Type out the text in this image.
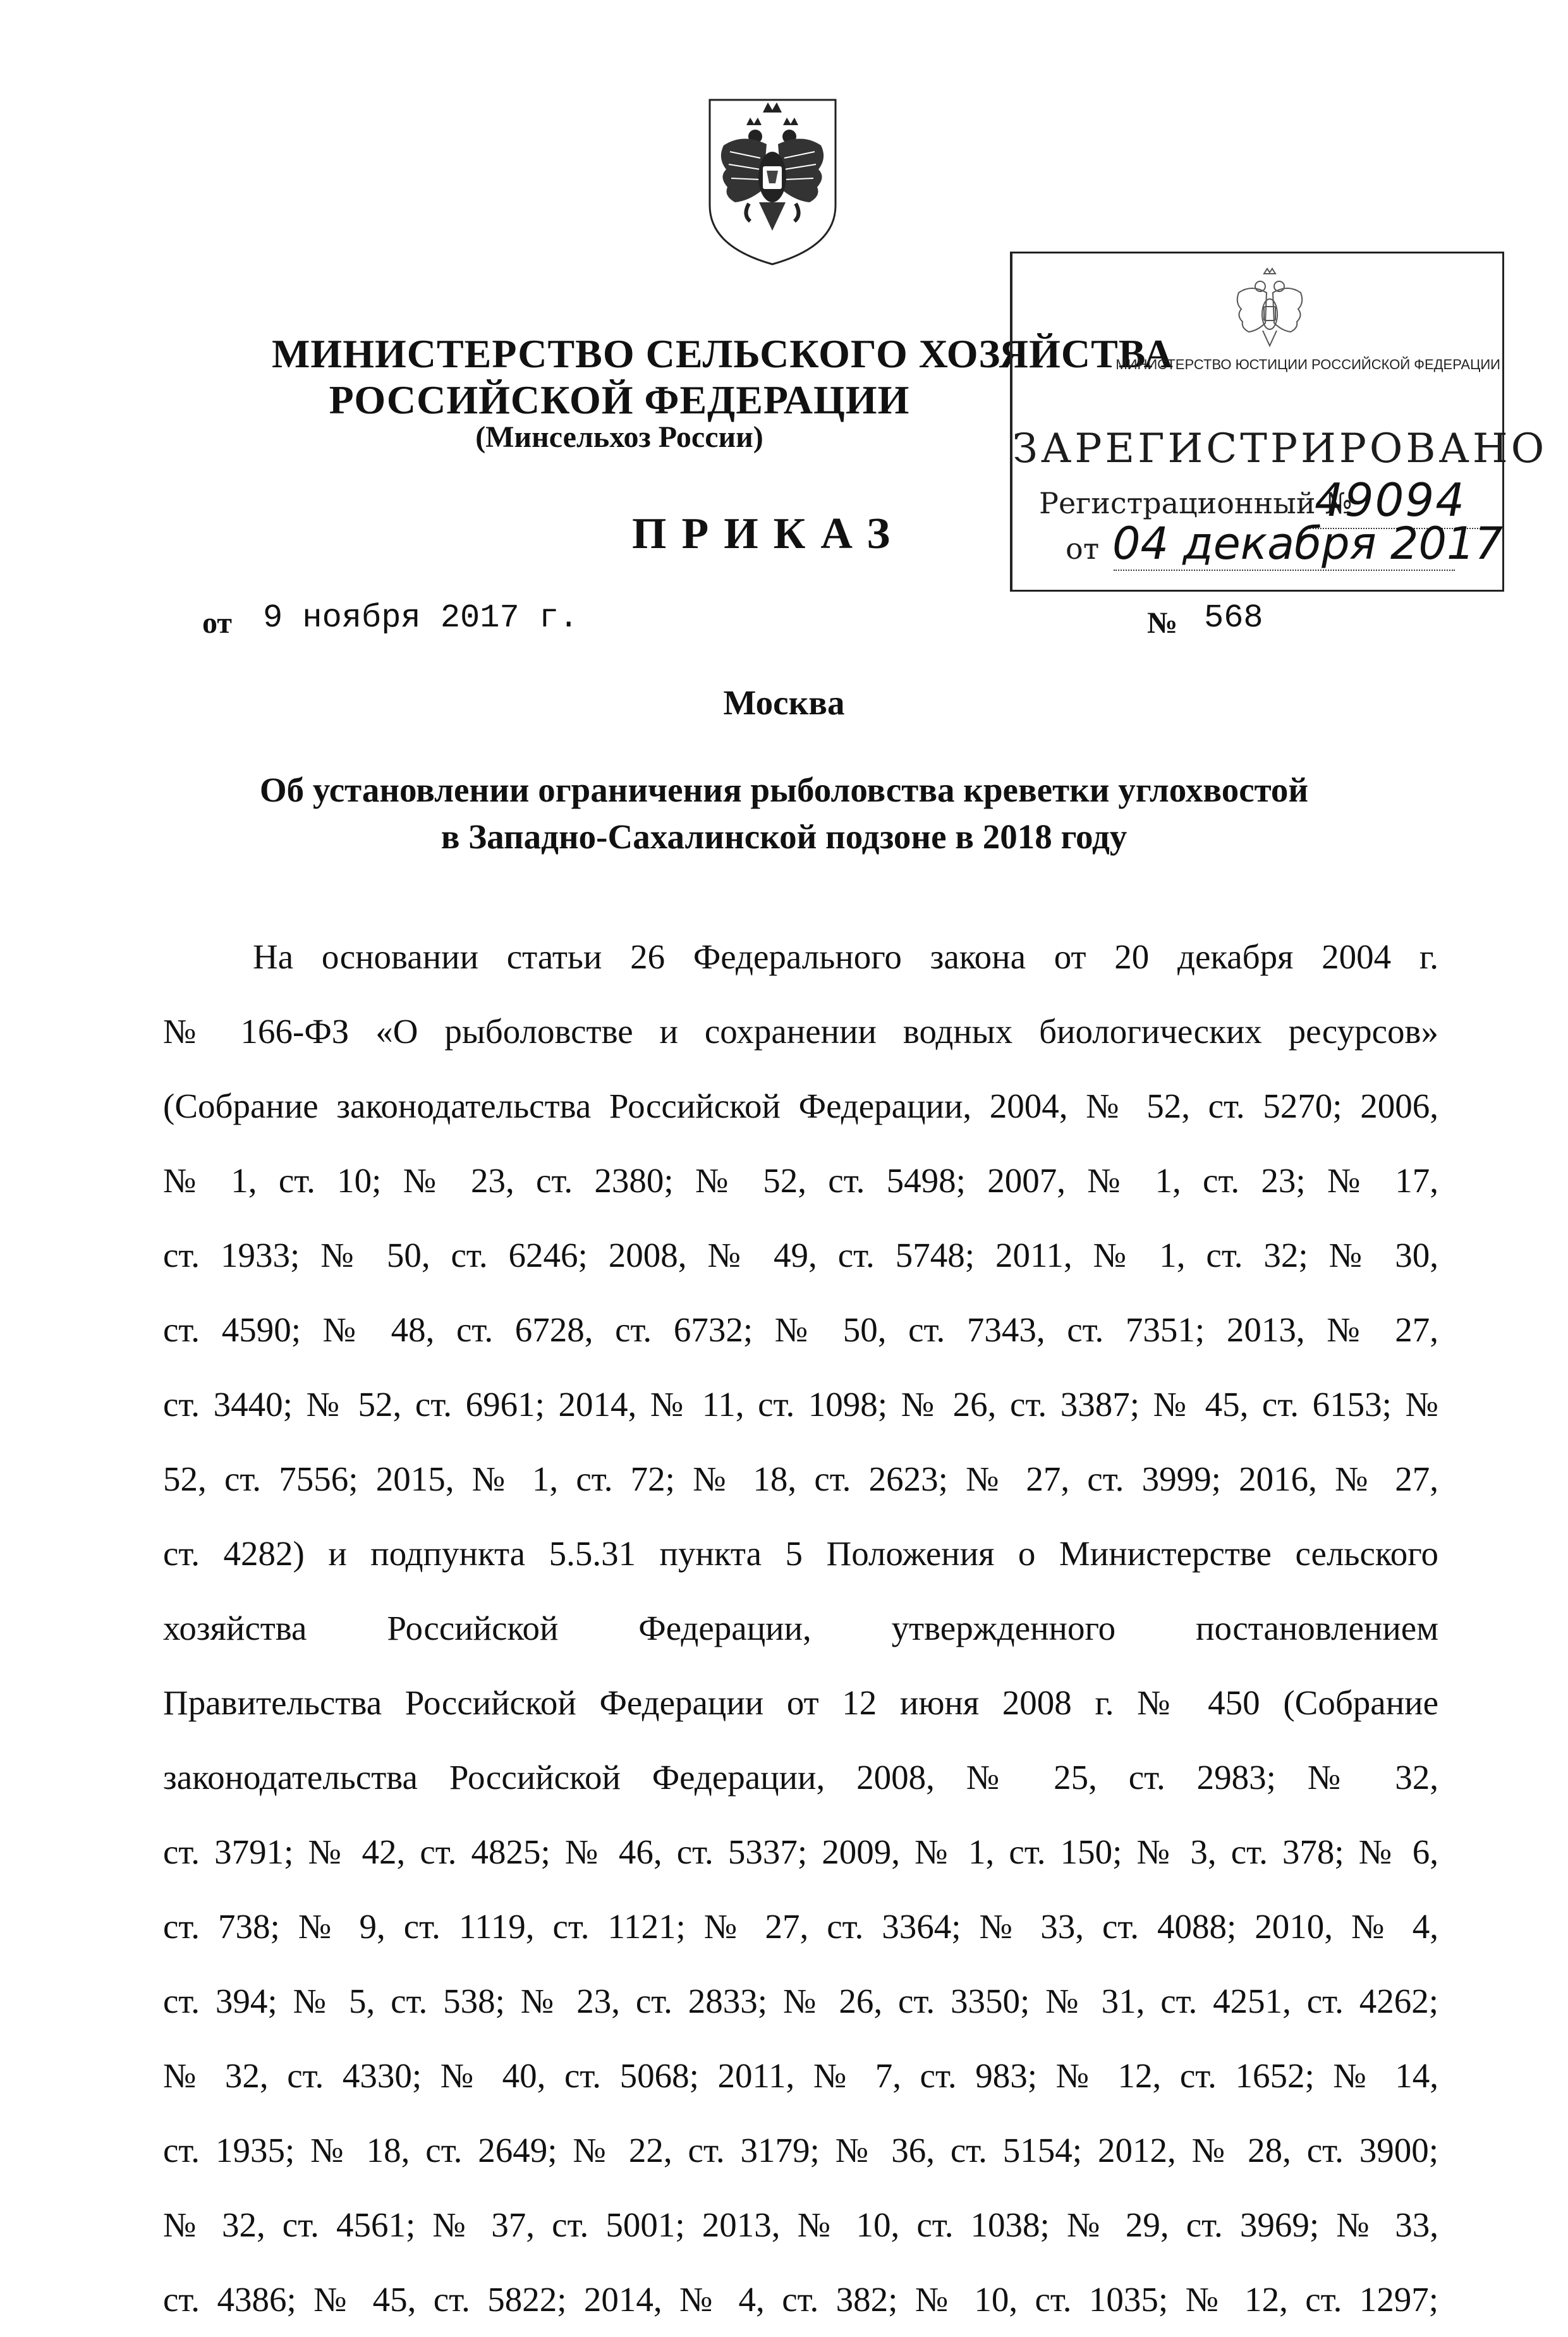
МИНИСТЕРСТВО СЕЛЬСКОГО ХОЗЯЙСТВА
РОССИЙСКОЙ ФЕДЕРАЦИИ
(Минсельхоз России)
МИНИСТЕРСТВО ЮСТИЦИИ РОССИЙСКОЙ ФЕДЕРАЦИИ
ЗАРЕГИСТРИРОВАНО
Регистрационный №
49094
от 04 декабря 2017
ПРИКАЗ
от 9 ноября 2017 г.	№ 568
Москва
Об установлении ограничения рыболовства креветки углохвостой
в Западно-Сахалинской подзоне в 2018 году
На основании статьи 26 Федерального закона от 20 декабря 2004 г.
№ 166-ФЗ «О рыболовстве и сохранении водных биологических ресурсов»
(Собрание законодательства Российской Федерации, 2004, № 52, ст. 5270; 2006,
№ 1, ст. 10; № 23, ст. 2380; № 52, ст. 5498; 2007, № 1, ст. 23; № 17,
ст. 1933; № 50, ст. 6246; 2008, № 49, ст. 5748; 2011, № 1, ст. 32; № 30,
ст. 4590; № 48, ст. 6728, ст. 6732; № 50, ст. 7343, ст. 7351; 2013, № 27,
ст. 3440; № 52, ст. 6961; 2014, № 11, ст. 1098; № 26, ст. 3387; № 45, ст. 6153; №
52, ст. 7556; 2015, № 1, ст. 72; № 18, ст. 2623; № 27, ст. 3999; 2016, № 27,
ст. 4282) и подпункта 5.5.31 пункта 5 Положения о Министерстве сельского
хозяйства Российской Федерации, утвержденного постановлением
Правительства Российской Федерации от 12 июня 2008 г. № 450 (Собрание
законодательства Российской Федерации, 2008, № 25, ст. 2983; № 32,
ст. 3791; № 42, ст. 4825; № 46, ст. 5337; 2009, № 1, ст. 150; № 3, ст. 378; № 6,
ст. 738; № 9, ст. 1119, ст. 1121; № 27, ст. 3364; № 33, ст. 4088; 2010, № 4,
ст. 394; № 5, ст. 538; № 23, ст. 2833; № 26, ст. 3350; № 31, ст. 4251, ст. 4262;
№ 32, ст. 4330; № 40, ст. 5068; 2011, № 7, ст. 983; № 12, ст. 1652; № 14,
ст. 1935; № 18, ст. 2649; № 22, ст. 3179; № 36, ст. 5154; 2012, № 28, ст. 3900;
№ 32, ст. 4561; № 37, ст. 5001; 2013, № 10, ст. 1038; № 29, ст. 3969; № 33,
ст. 4386; № 45, ст. 5822; 2014, № 4, ст. 382; № 10, ст. 1035; № 12, ст. 1297;
